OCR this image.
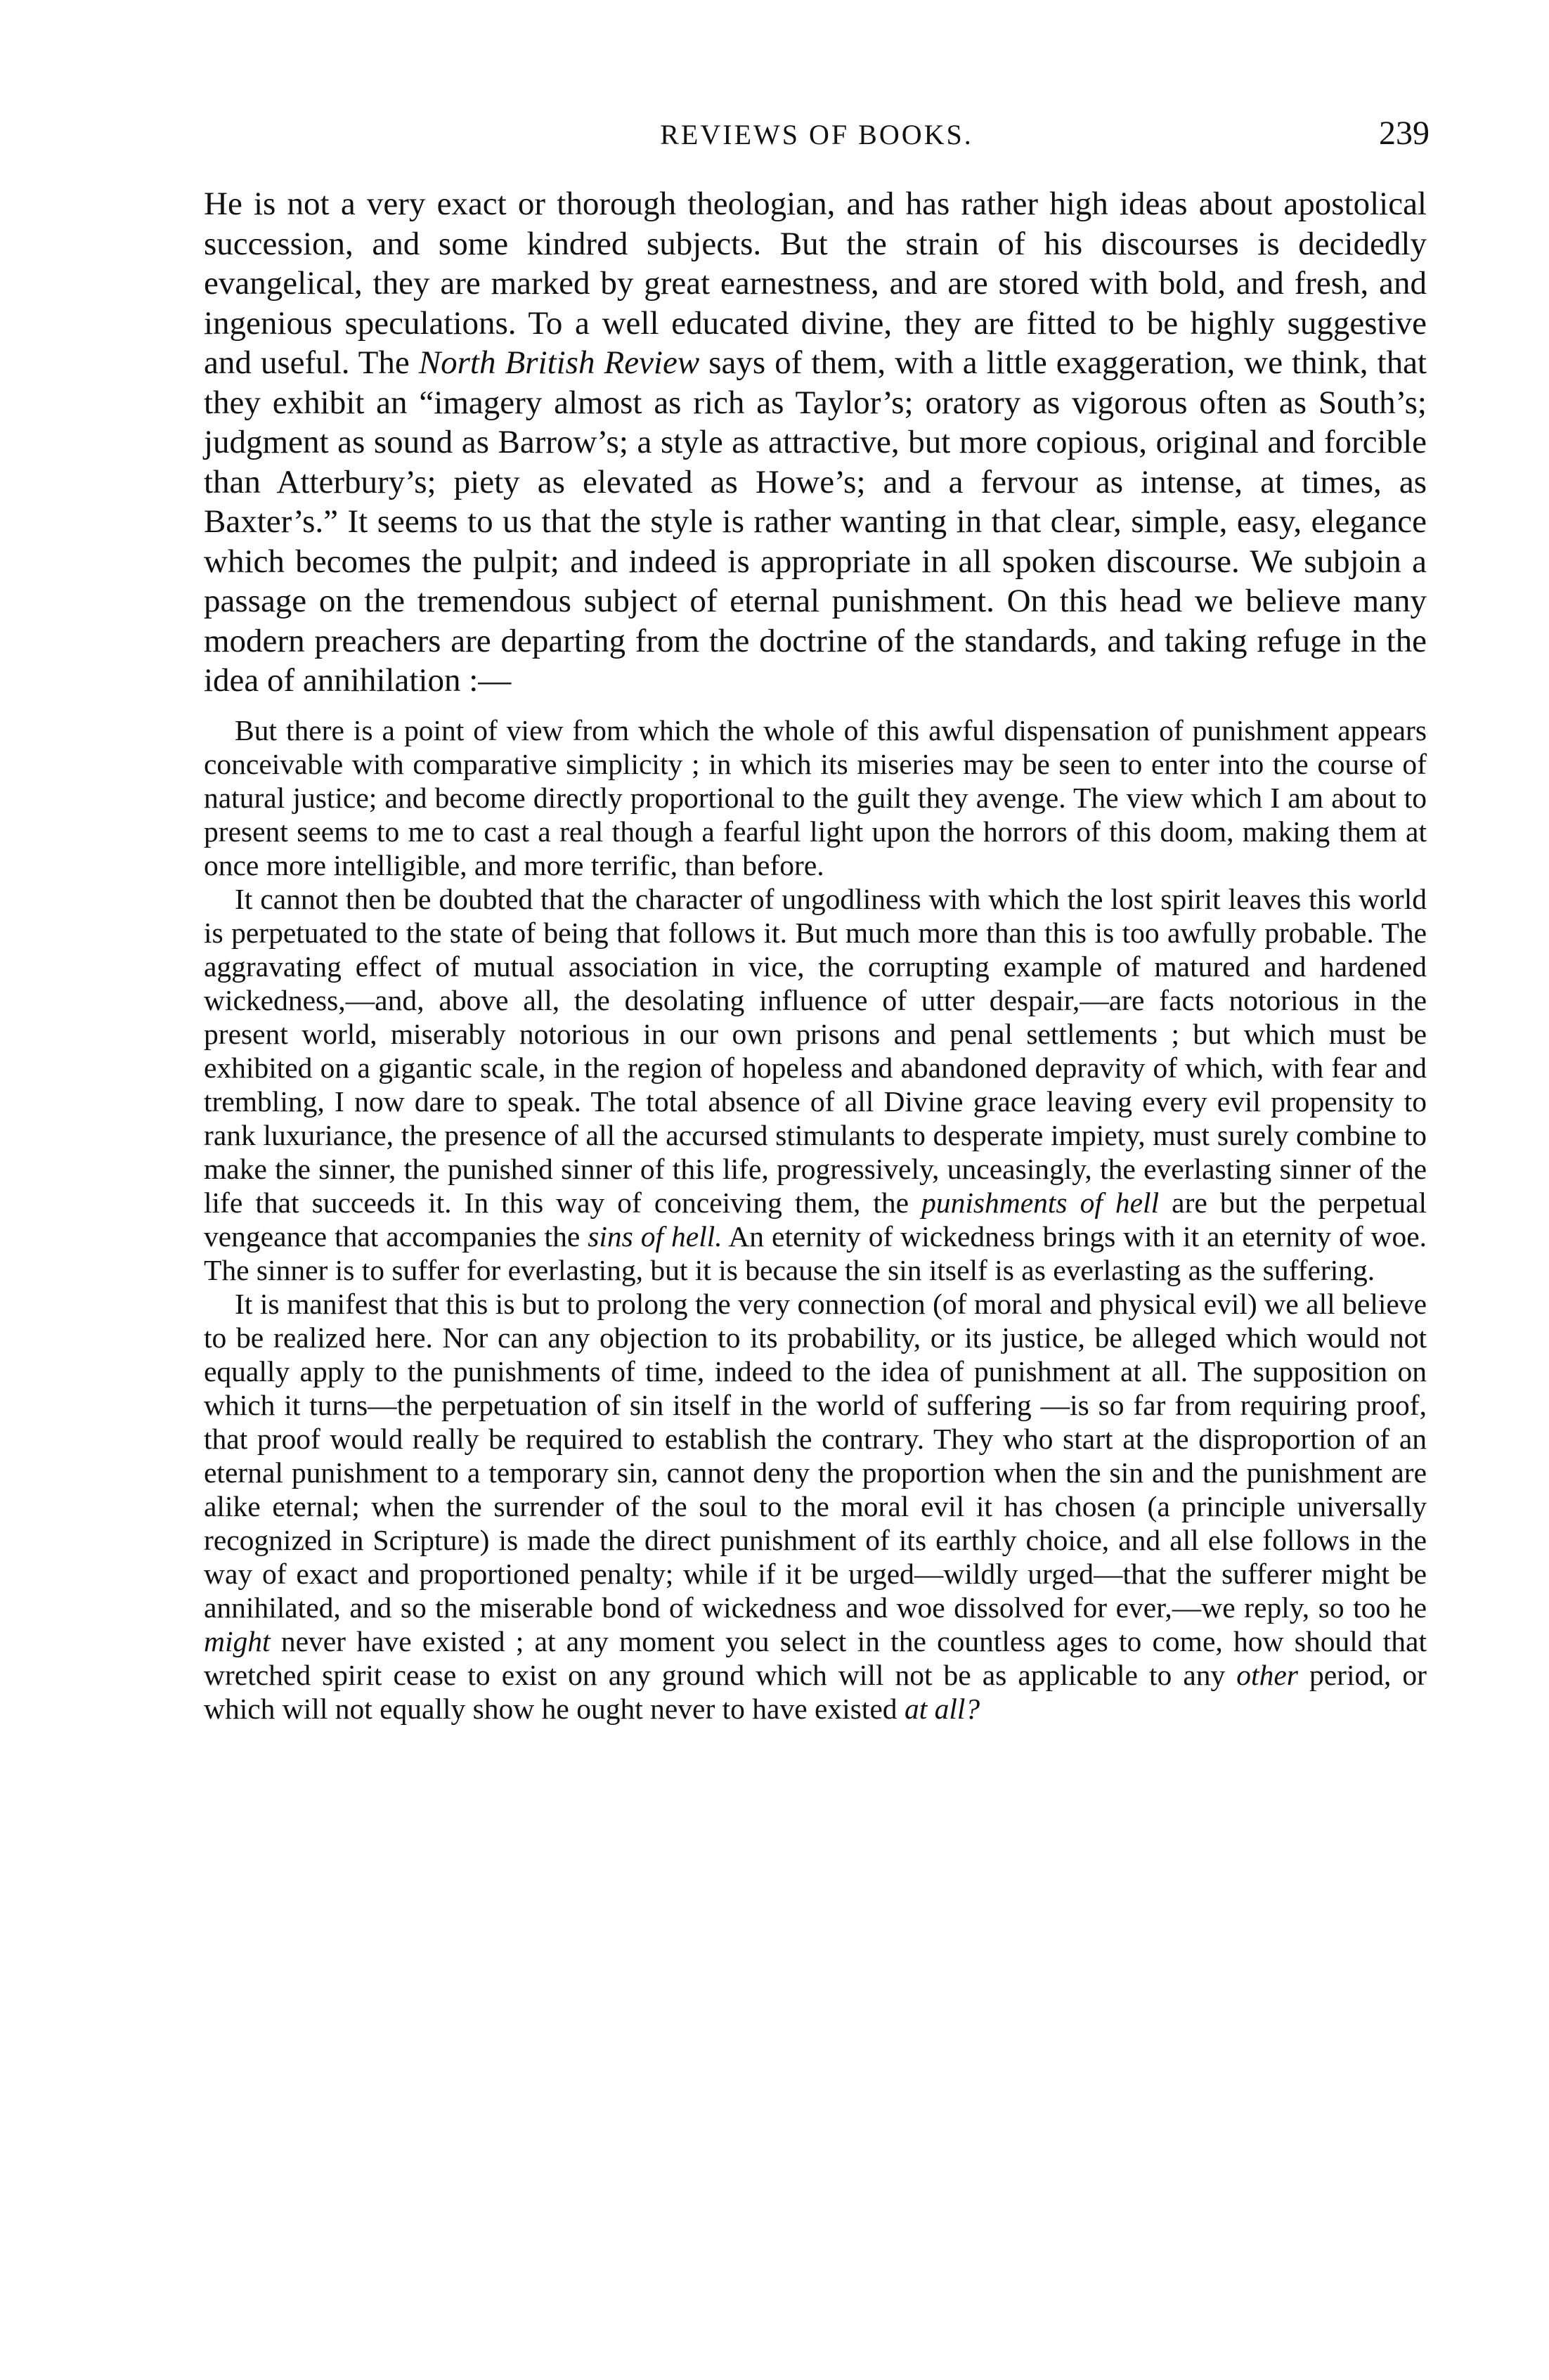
REVIEWS OF BOOKS.	239

He is not a very exact or thorough theologian, and has rather high ideas about apostolical succession, and some kindred subjects. But the strain of his discourses is decidedly evangelical, they are marked by great earnestness, and are stored with bold, and fresh, and ingenious speculations. To a well educated divine, they are fitted to be highly suggestive and useful. The North British Review says of them, with a little exaggeration, we think, that they exhibit an “imagery almost as rich as Taylor’s; oratory as vigorous often as South’s; judgment as sound as Barrow’s; a style as attractive, but more copious, original and forcible than Atterbury’s; piety as elevated as Howe’s; and a fervour as intense, at times, as Baxter’s.” It seems to us that the style is rather wanting in that clear, simple, easy, elegance which becomes the pulpit; and indeed is appropriate in all spoken discourse. We subjoin a passage on the tremendous subject of eternal punishment. On this head we believe many modern preachers are departing from the doctrine of the standards, and taking refuge in the idea of annihilation :—

But there is a point of view from which the whole of this awful dispensation of punishment appears conceivable with comparative simplicity ; in which its miseries may be seen to enter into the course of natural justice; and become directly proportional to the guilt they avenge. The view which I am about to present seems to me to cast a real though a fearful light upon the horrors of this doom, making them at once more intelligible, and more terrific, than before.

It cannot then be doubted that the character of ungodliness with which the lost spirit leaves this world is perpetuated to the state of being that follows it. But much more than this is too awfully probable. The aggravating effect of mutual association in vice, the corrupting example of matured and hardened wickedness,—and, above all, the desolating influence of utter despair,—are facts notorious in the present world, miserably notorious in our own prisons and penal settlements ; but which must be exhibited on a gigantic scale, in the region of hopeless and abandoned depravity of which, with fear and trembling, I now dare to speak. The total absence of all Divine grace leaving every evil propensity to rank luxuriance, the presence of all the accursed stimulants to desperate impiety, must surely combine to make the sinner, the punished sinner of this life, progressively, unceasingly, the everlasting sinner of the life that succeeds it. In this way of conceiving them, the punishments of hell are but the perpetual vengeance that accompanies the sins of hell. An eternity of wickedness brings with it an eternity of woe. The sinner is to suffer for everlasting, but it is because the sin itself is as everlasting as the suffering.

It is manifest that this is but to prolong the very connection (of moral and physical evil) we all believe to be realized here. Nor can any objection to its probability, or its justice, be alleged which would not equally apply to the punishments of time, indeed to the idea of punishment at all. The supposition on which it turns—the perpetuation of sin itself in the world of suffering —is so far from requiring proof, that proof would really be required to establish the contrary. They who start at the disproportion of an eternal punishment to a temporary sin, cannot deny the proportion when the sin and the punishment are alike eternal; when the surrender of the soul to the moral evil it has chosen (a principle universally recognized in Scripture) is made the direct punishment of its earthly choice, and all else follows in the way of exact and proportioned penalty; while if it be urged—wildly urged—that the sufferer might be annihilated, and so the miserable bond of wickedness and woe dissolved for ever,—we reply, so too he might never have existed ; at any moment you select in the countless ages to come, how should that wretched spirit cease to exist on any ground which will not be as applicable to any other period, or which will not equally show he ought never to have existed at all?
